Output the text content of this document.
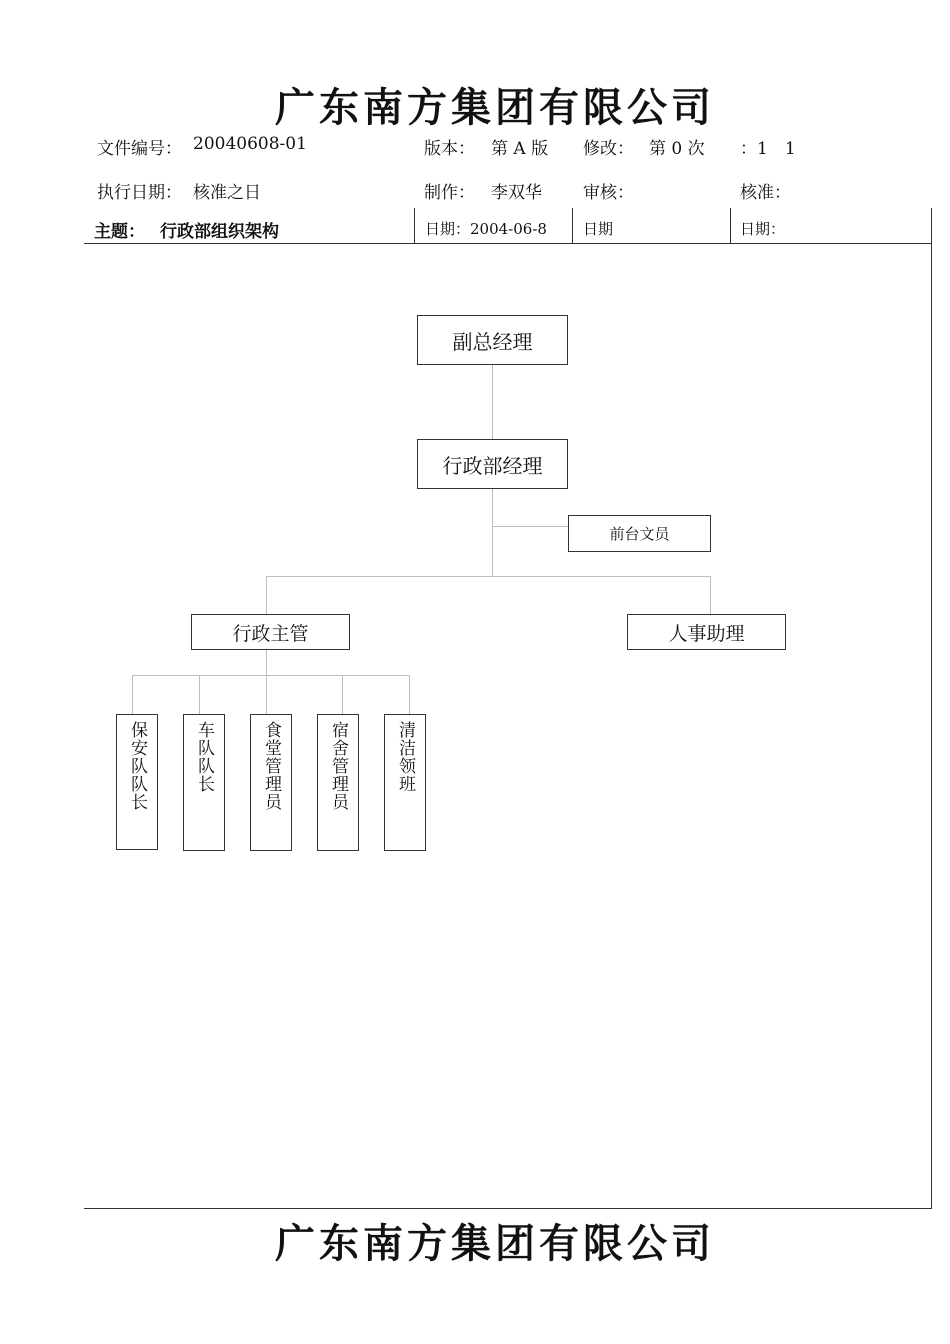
广东南方集团有限公司
文件编号： 20040608-01	版本： 第 A 版 修改： 第 0 次 ：1　1
执行日期： 核准之日	制作： 李双华 审核：	核准：
主题： 行政部组织架构	日期：2004-06-8 日期	日期：
副总经理
行政部经理
前台文员
行政主管	人事助理
保安队队长	车队队长	食堂管理员	宿舍管理员	清洁领班
广东南方集团有限公司
